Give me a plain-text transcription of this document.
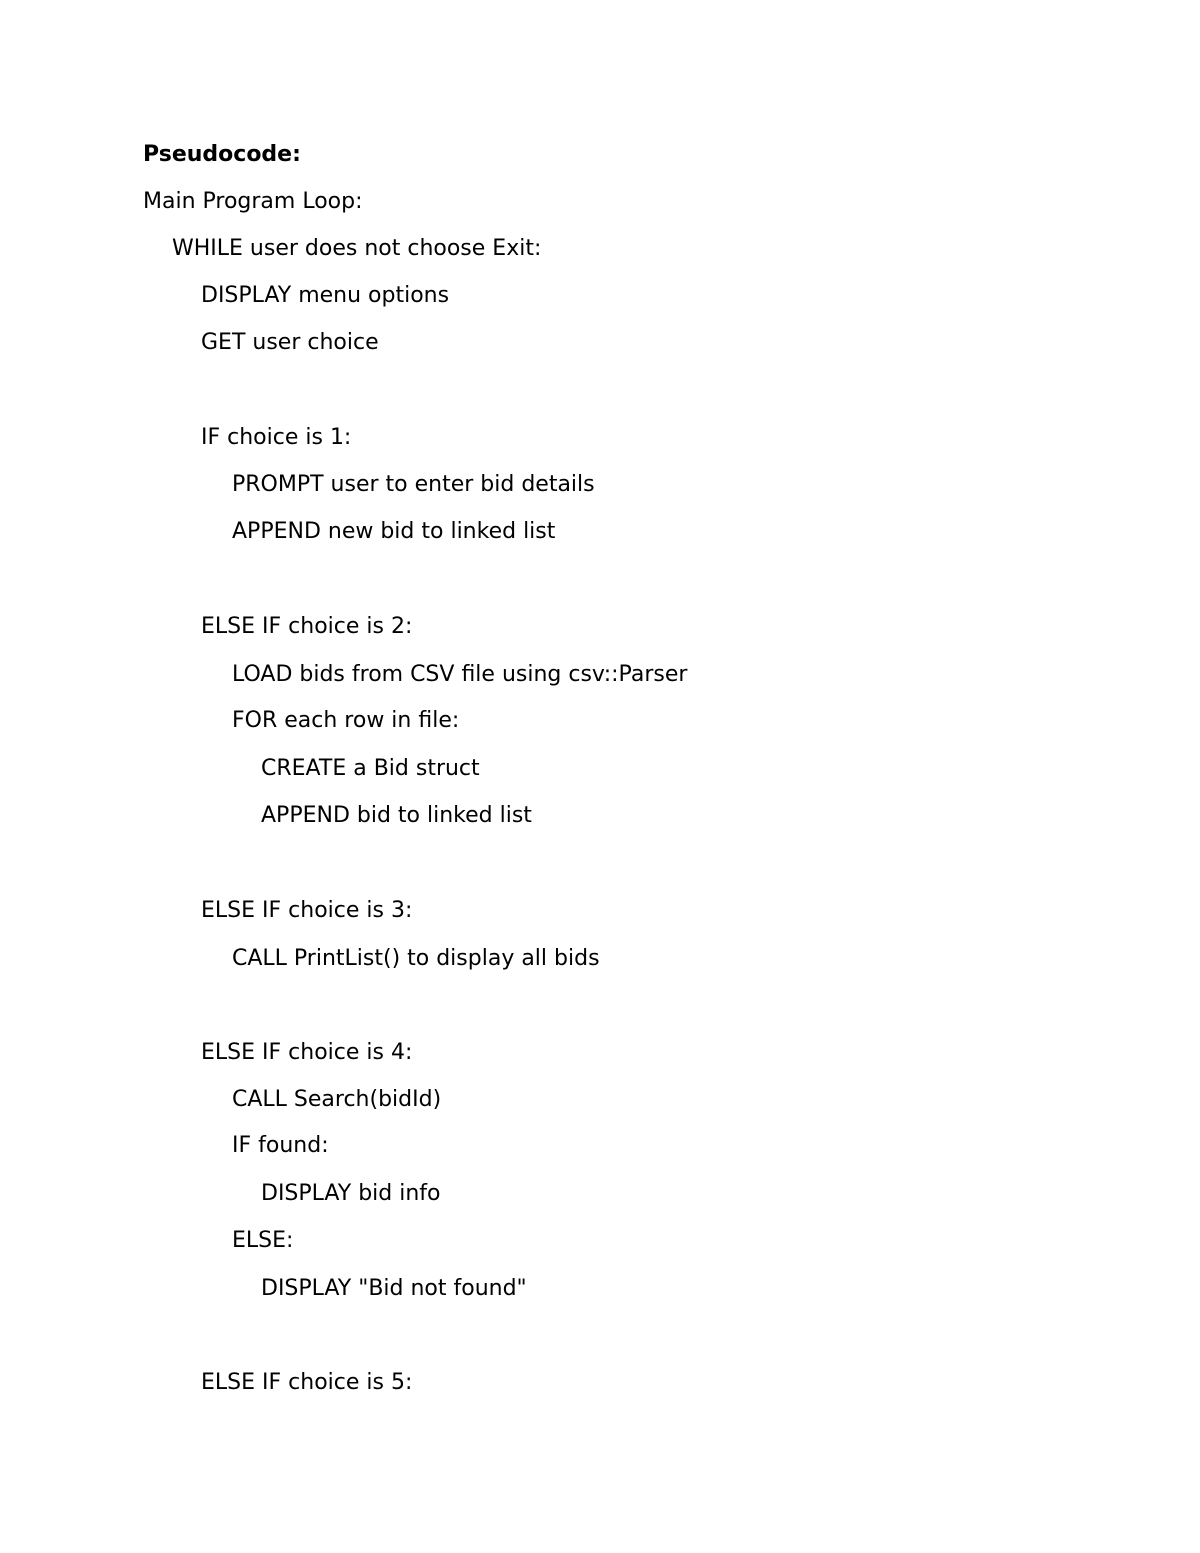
Pseudocode:
Main Program Loop:
WHILE user does not choose Exit:
DISPLAY menu options
GET user choice
IF choice is 1:
PROMPT user to enter bid details
APPEND new bid to linked list
ELSE IF choice is 2:
LOAD bids from CSV file using csv::Parser
FOR each row in file:
CREATE a Bid struct
APPEND bid to linked list
ELSE IF choice is 3:
CALL PrintList() to display all bids
ELSE IF choice is 4:
CALL Search(bidId)
IF found:
DISPLAY bid info
ELSE:
DISPLAY "Bid not found"
ELSE IF choice is 5:
